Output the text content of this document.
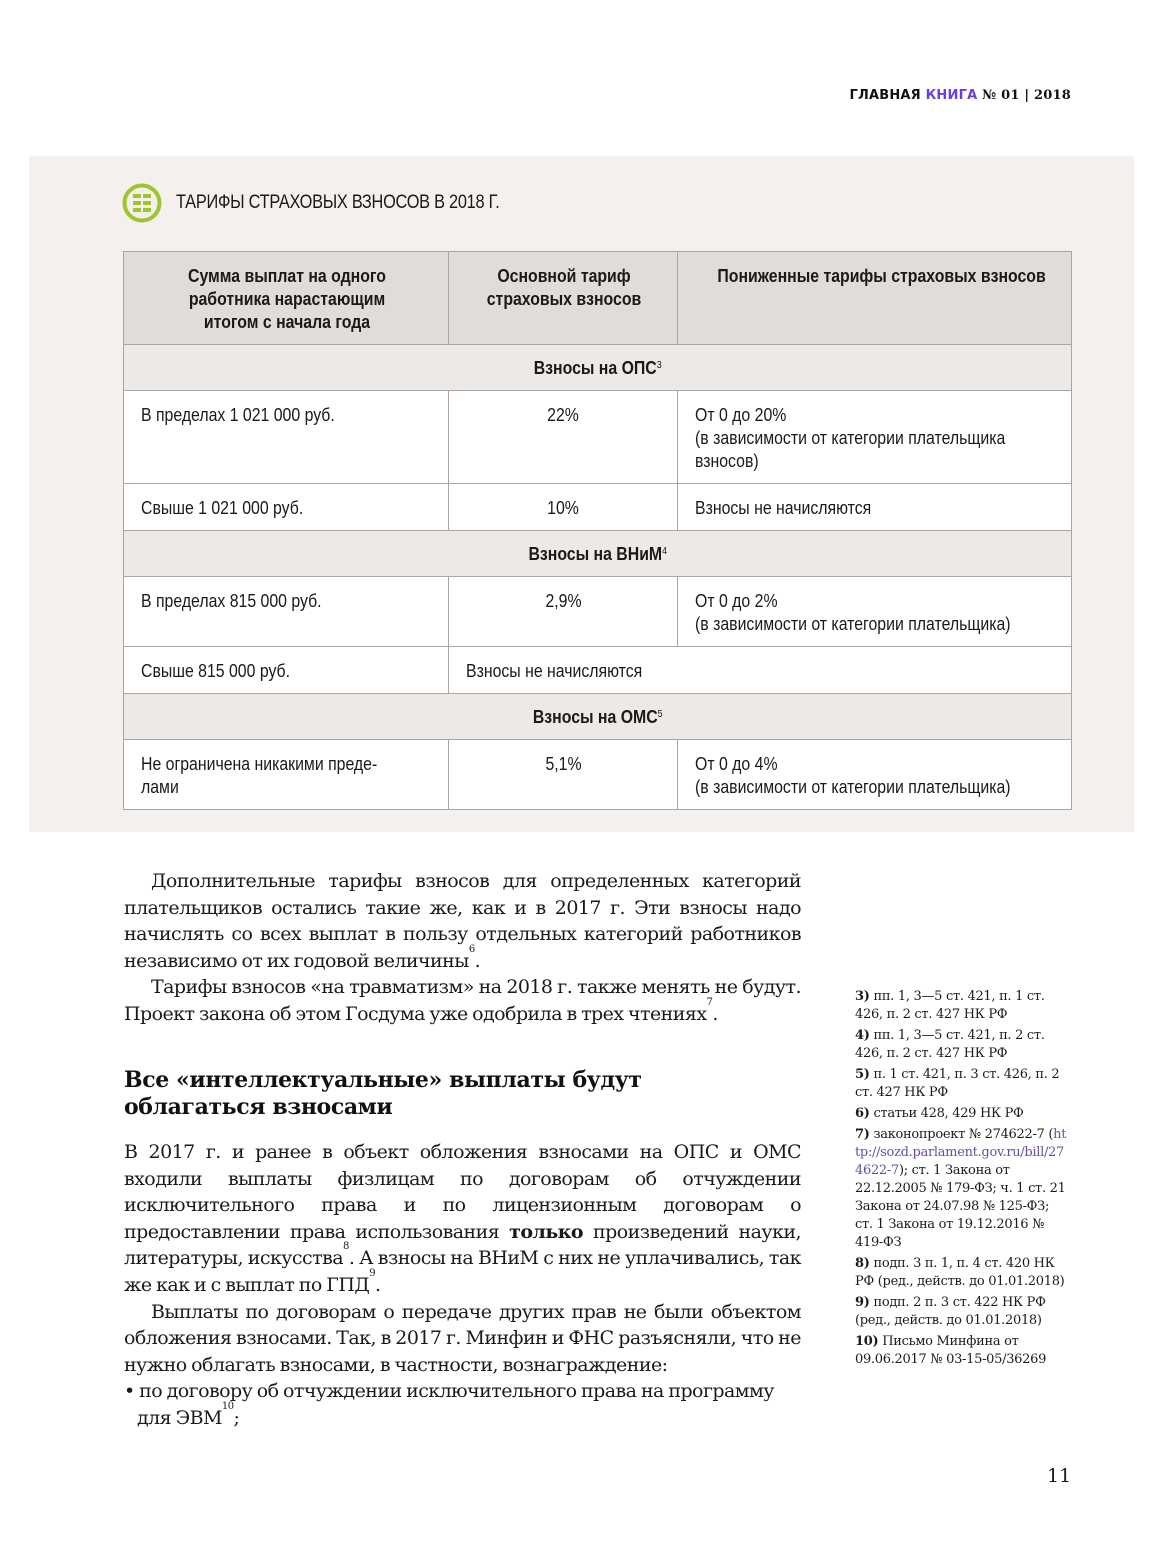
ГЛАВНАЯ КНИГА № 01 | 2018
ТАРИФЫ СТРАХОВЫХ ВЗНОСОВ В 2018 Г.
Сумма выплат на одного работника нарастающим итогом с начала года	Основной тариф страховых взносов	Пониженные тарифы страховых взносов

Взносы на ОПС$^3$

В пределах 1 021 000 руб.	22%	От 0 до 20%
(в зависимости от категории плательщика взносов)

Свыше 1 021 000 руб.	10%	Взносы не начисляются

Взносы на ВНиМ$^4$

В пределах 815 000 руб.	2,9%	От 0 до 2%
(в зависимости от категории плательщика)

Свыше 815 000 руб.	Взносы не начисляются	

Взносы на ОМС$^5$

Не ограничена никакими преде-
лами	5,1%	От 0 до 4%
(в зависимости от категории плательщика)

Дополнительные тарифы взносов для определенных категорий плательщиков остались такие же, как и в 2017 г. Эти взносы надо начислять со всех выплат в пользу отдельных категорий работников независимо от их годовой величины$^6$.

Тарифы взносов «на травматизм» на 2018 г. также менять не будут. Проект закона об этом Госдума уже одобрила в трех чтениях$^7$.

Все «интеллектуальные» выплаты будут облагаться взносами

В 2017 г. и ранее в объект обложения взносами на ОПС и ОМС входили выплаты физлицам по договорам об отчуждении исключительного права и по лицензионным договорам о предоставлении права использования только произведений науки, литературы, искусства$^8$. А взносы на ВНиМ с них не уплачивались, так же как и с выплат по ГПД$^9$.

Выплаты по договорам о передаче других прав не были объектом обложения взносами. Так, в 2017 г. Минфин и ФНС разъясняли, что не нужно облагать взносами, в частности, вознаграждение:

• по договору об отчуждении исключительного права на программу для ЭВМ$^{10}$;

3) пп. 1, 3—5 ст. 421, п. 1 ст. 426, п. 2 ст. 427 НК РФ

4) пп. 1, 3—5 ст. 421, п. 2 ст. 426, п. 2 ст. 427 НК РФ

5) п. 1 ст. 421, п. 3 ст. 426, п. 2 ст. 427 НК РФ

6) статьи 428, 429 НК РФ

7) законопроект № 274622-7 (http://sozd.parlament.gov.ru/bill/274622-7); ст. 1 Закона от 22.12.2005 № 179-ФЗ; ч. 1 ст. 21 Закона от 24.07.98 № 125-ФЗ; ст. 1 Закона от 19.12.2016 № 419-ФЗ

8) подп. 3 п. 1, п. 4 ст. 420 НК РФ (ред., действ. до 01.01.2018)

9) подп. 2 п. 3 ст. 422 НК РФ (ред., действ. до 01.01.2018)

10) Письмо Минфина от 09.06.2017 № 03-15-05/36269

11
